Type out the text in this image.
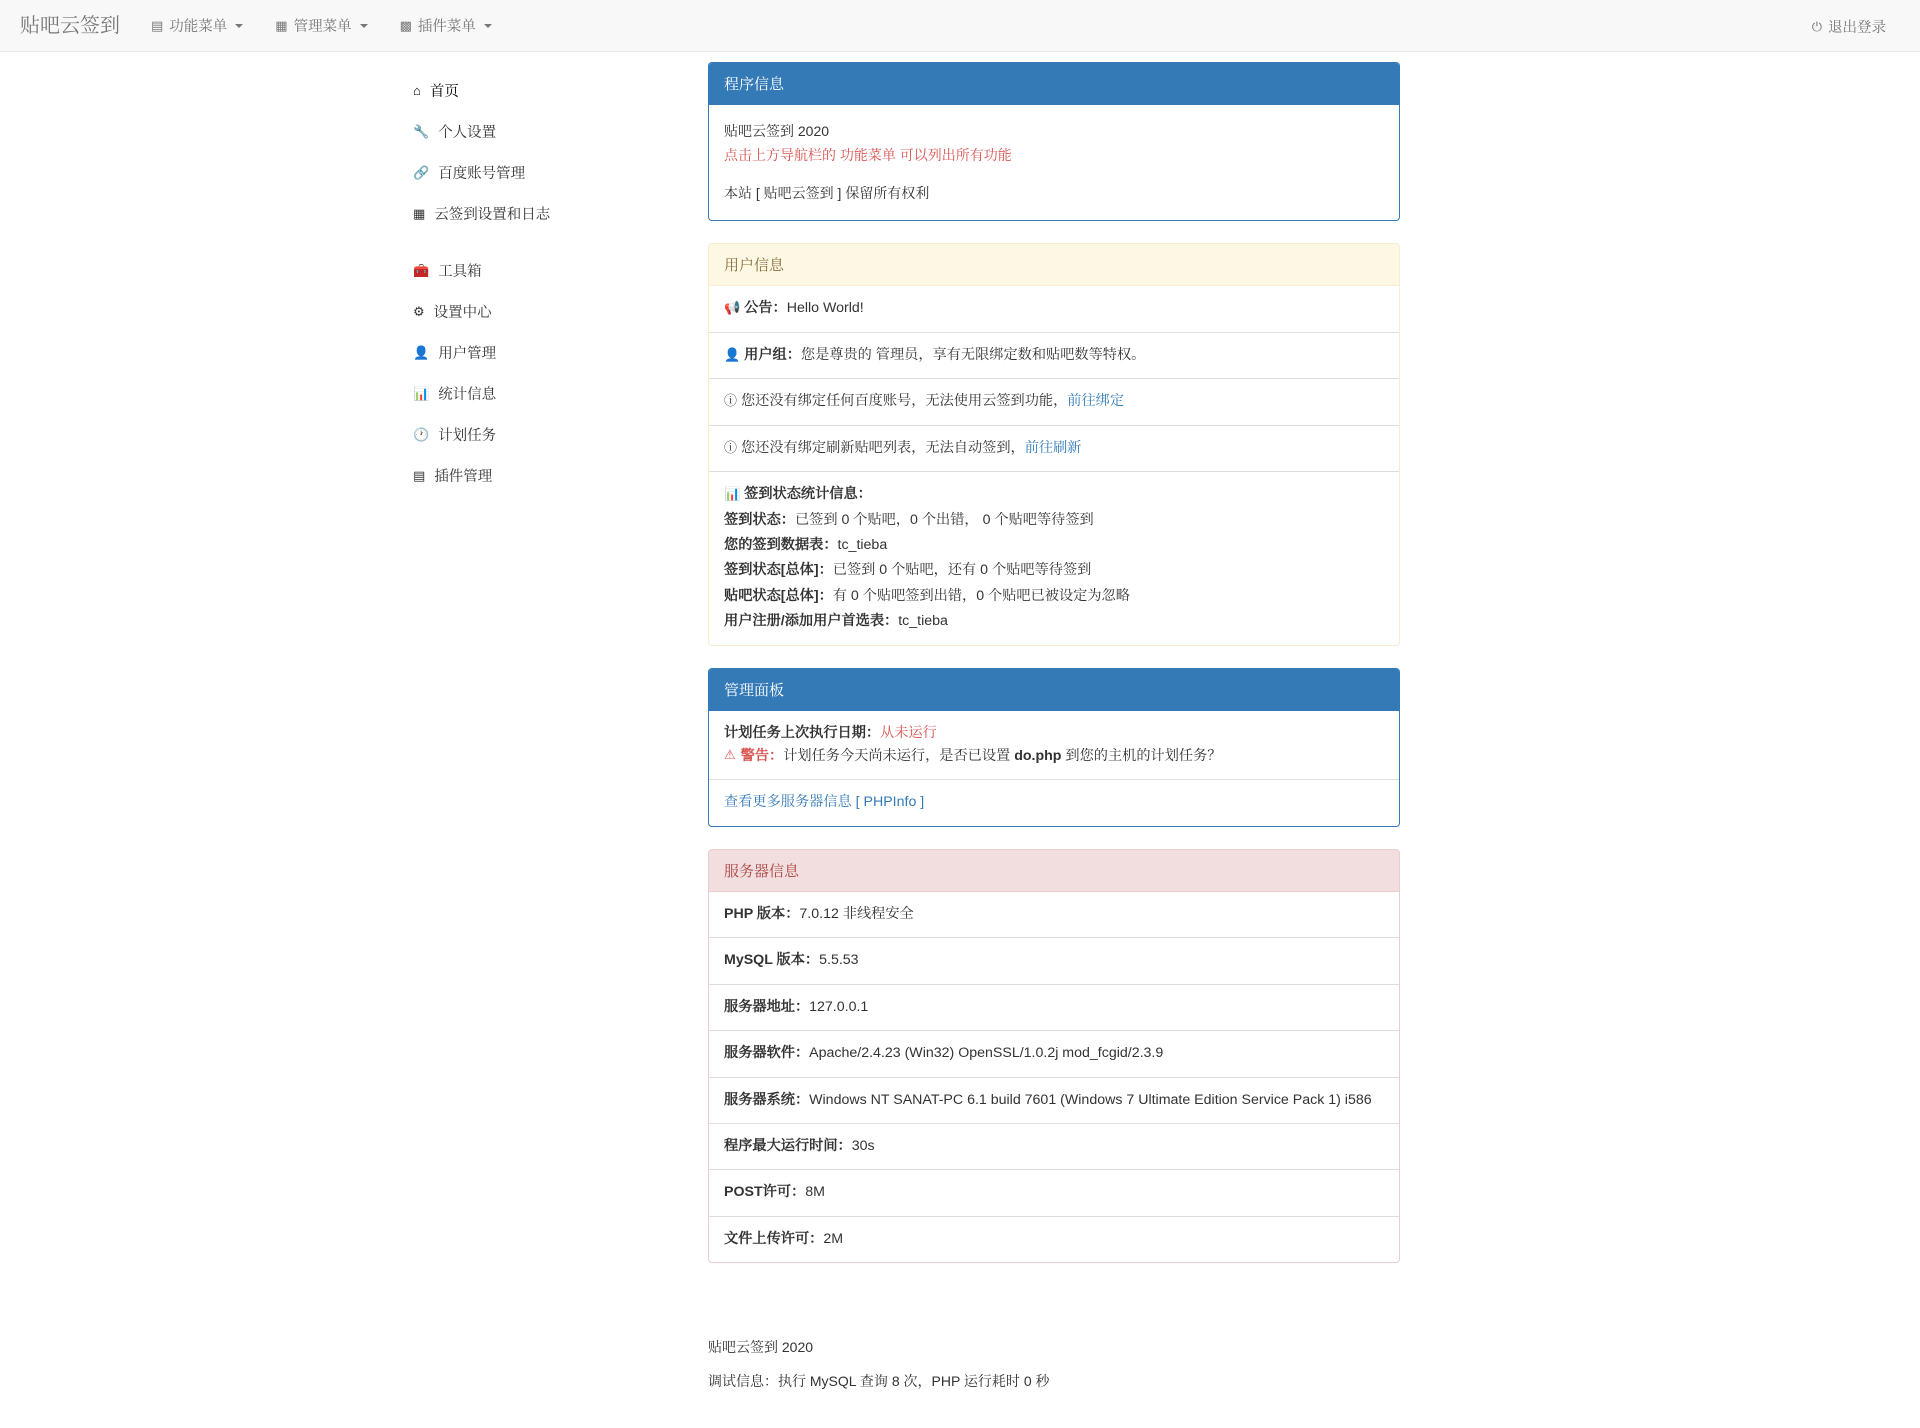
贴吧云签到	▤ 功能菜单	▦ 管理菜单	▩ 插件菜单	⏻ 退出登录
⌂ 首页
🔧 个人设置
🔗 百度账号管理
▦ 云签到设置和日志
🧰 工具箱
⚙ 设置中心
👤 用户管理
📊 统计信息
🕐 计划任务
▤ 插件管理
程序信息
贴吧云签到 2020
点击上方导航栏的 功能菜单 可以列出所有功能
本站 [ 贴吧云签到 ] 保留所有权利
用户信息
📢 公告：Hello World!
👤 用户组：您是尊贵的 管理员，享有无限绑定数和贴吧数等特权。
ⓘ 您还没有绑定任何百度账号，无法使用云签到功能，前往绑定
ⓘ 您还没有绑定刷新贴吧列表，无法自动签到，前往刷新
📊 签到状态统计信息：
签到状态：已签到 0 个贴吧，0 个出错， 0 个贴吧等待签到
您的签到数据表：tc_tieba
签到状态[总体]：已签到 0 个贴吧，还有 0 个贴吧等待签到
贴吧状态[总体]：有 0 个贴吧签到出错，0 个贴吧已被设定为忽略
用户注册/添加用户首选表：tc_tieba
管理面板
计划任务上次执行日期：从未运行
⚠ 警告：计划任务今天尚未运行，是否已设置 do.php 到您的主机的计划任务？
查看更多服务器信息 [ PHPInfo ]
服务器信息
PHP 版本：7.0.12 非线程安全
MySQL 版本：5.5.53
服务器地址：127.0.0.1
服务器软件：Apache/2.4.23 (Win32) OpenSSL/1.0.2j mod_fcgid/2.3.9
服务器系统：Windows NT SANAT-PC 6.1 build 7601 (Windows 7 Ultimate Edition Service Pack 1) i586
程序最大运行时间：30s
POST许可：8M
文件上传许可：2M
贴吧云签到 2020
调试信息：执行 MySQL 查询 8 次，PHP 运行耗时 0 秒
